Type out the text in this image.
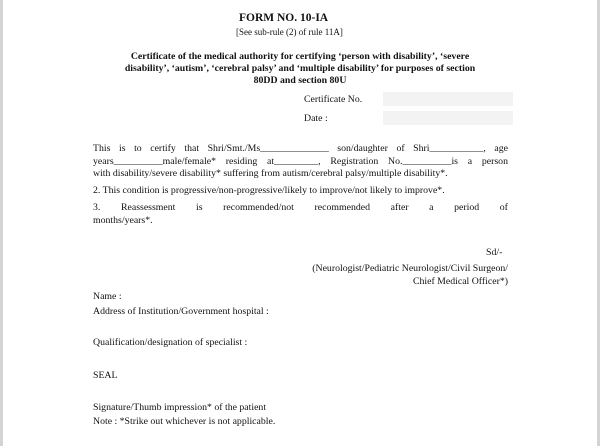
FORM NO. 10-IA
[See sub-rule (2) of rule 11A]
Certificate of the medical authority for certifying ‘person with disability’, ‘severe
disability’, ‘autism’, ‘cerebral palsy’ and ‘multiple disability’ for purposes of section
80DD and section 80U
Certificate No.
Date :
This is to certify that Shri/Smt./Ms______________ son/daughter of Shri___________, age
years__________male/female* residing at_________, Registration No.__________is a person
with disability/severe disability* suffering from autism/cerebral palsy/multiple disability*.
2. This condition is progressive/non-progressive/likely to improve/not likely to improve*.
3. Reassessment is recommended/not recommended after a period of
months/years*.
Sd/-
(Neurologist/Pediatric Neurologist/Civil Surgeon/
Chief Medical Officer*)
Name :
Address of Institution/Government hospital :
Qualification/designation of specialist :
SEAL
Signature/Thumb impression* of the patient
Note : *Strike out whichever is not applicable.
